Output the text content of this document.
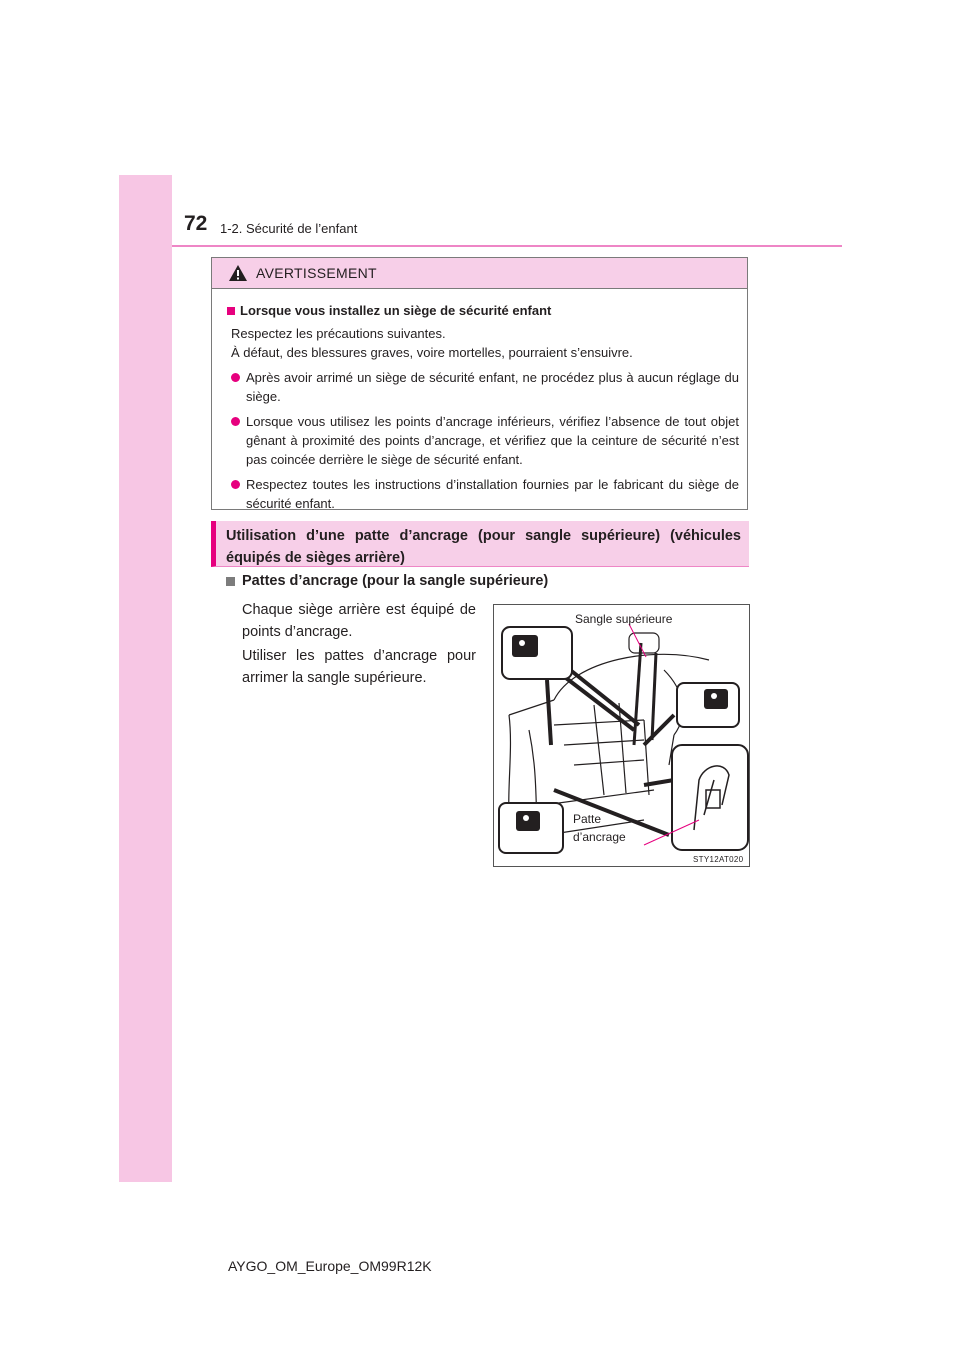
72 1-2. Sécurité de l’enfant
AVERTISSEMENT
Lorsque vous installez un siège de sécurité enfant
Respectez les précautions suivantes.
À défaut, des blessures graves, voire mortelles, pourraient s’ensuivre.
Après avoir arrimé un siège de sécurité enfant, ne procédez plus à aucun réglage du siège.
Lorsque vous utilisez les points d’ancrage inférieurs, vérifiez l’absence de tout objet gênant à proximité des points d’ancrage, et vérifiez que la ceinture de sécurité n’est pas coincée derrière le siège de sécurité enfant.
Respectez toutes les instructions d’installation fournies par le fabricant du siège de sécurité enfant.
Utilisation d’une patte d’ancrage (pour sangle supérieure) (véhicules équipés de sièges arrière)
Pattes d’ancrage (pour la sangle supérieure)
Chaque siège arrière est équipé de points d’ancrage.
Utiliser les pattes d’ancrage pour arrimer la sangle supérieure.
Sangle supérieure
Patte
d’ancrage
STY12AT020
AYGO_OM_Europe_OM99R12K
